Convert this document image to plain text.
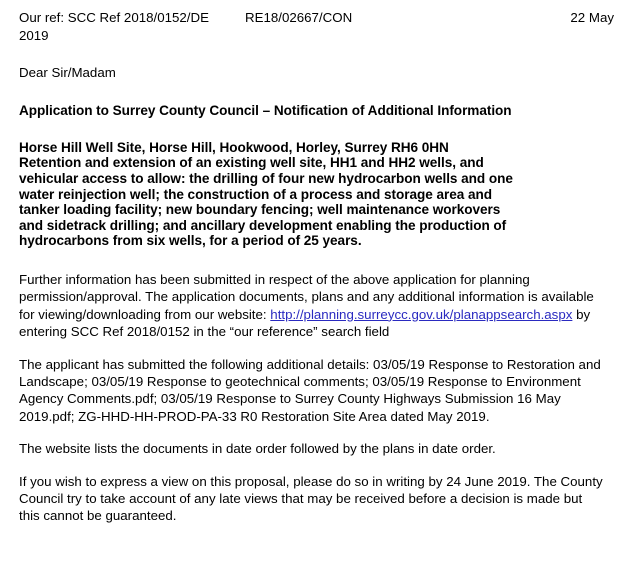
Our ref: SCC Ref 2018/0152/DE	RE18/02667/CON	22 May
2019

Dear Sir/Madam

Application to Surrey County Council – Notification of Additional Information

Horse Hill Well Site, Horse Hill, Hookwood, Horley, Surrey RH6 0HN
Retention and extension of an existing well site, HH1 and HH2 wells, and
vehicular access to allow: the drilling of four new hydrocarbon wells and one
water reinjection well; the construction of a process and storage area and
tanker loading facility; new boundary fencing; well maintenance workovers
and sidetrack drilling; and ancillary development enabling the production of
hydrocarbons from six wells, for a period of 25 years.

Further information has been submitted in respect of the above application for planning permission/approval. The application documents, plans and any additional information is available for viewing/downloading from our website: http://planning.surreycc.gov.uk/planappsearch.aspx by entering SCC Ref 2018/0152 in the “our reference” search field

The applicant has submitted the following additional details: 03/05/19 Response to Restoration and Landscape; 03/05/19 Response to geotechnical comments; 03/05/19 Response to Environment Agency Comments.pdf; 03/05/19 Response to Surrey County Highways Submission 16 May 2019.pdf; ZG-HHD-HH-PROD-PA-33 R0 Restoration Site Area dated May 2019.

The website lists the documents in date order followed by the plans in date order.

If you wish to express a view on this proposal, please do so in writing by 24 June 2019. The County Council try to take account of any late views that may be received before a decision is made but this cannot be guaranteed.
